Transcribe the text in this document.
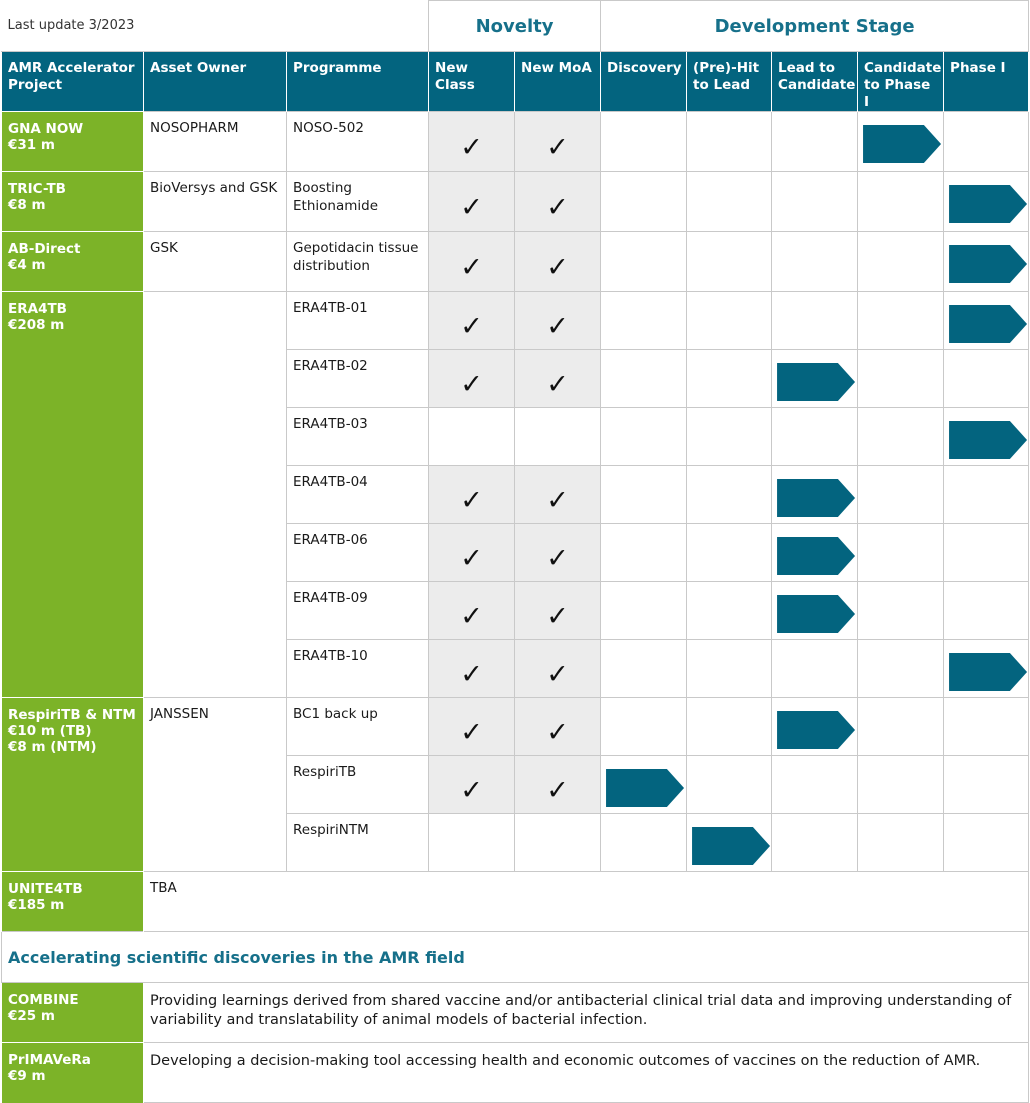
Last update 3/2023			Novelty		Development Stage				
AMR Accelerator Project	Asset Owner	Programme	New Class	New MoA	Discovery	(Pre)-Hit to Lead	Lead to Candidate	Candidate to Phase I	Phase I
GNA NOW
€31 m	NOSOPHARM	NOSO-502	✓	✓				

TRIC-TB
€8 m	BioVersys and GSK	Boosting Ethionamide	✓	✓					

AB-Direct
€4 m	GSK	Gepotidacin tissue distribution	✓	✓					

ERA4TB
€208 m		ERA4TB-01	✓	✓					

		ERA4TB-02	✓	✓			

		ERA4TB-03							

		ERA4TB-04	✓	✓			

		ERA4TB-06	✓	✓			

		ERA4TB-09	✓	✓			

		ERA4TB-10	✓	✓					

RespiriTB & NTM
€10 m (TB)
€8 m (NTM)	JANSSEN	BC1 back up	✓	✓			

		RespiriTB	✓	✓	

		RespiriNTM				

UNITE4TB
€185 m	TBA								
Accelerating scientific discoveries in the AMR field									
COMBINE
€25 m	Providing learnings derived from shared vaccine and/or antibacterial clinical trial data and improving understanding of variability and translatability of animal models of bacterial infection.								
PrIMAVeRa
€9 m	Developing a decision-making tool accessing health and economic outcomes of vaccines on the reduction of AMR.								
